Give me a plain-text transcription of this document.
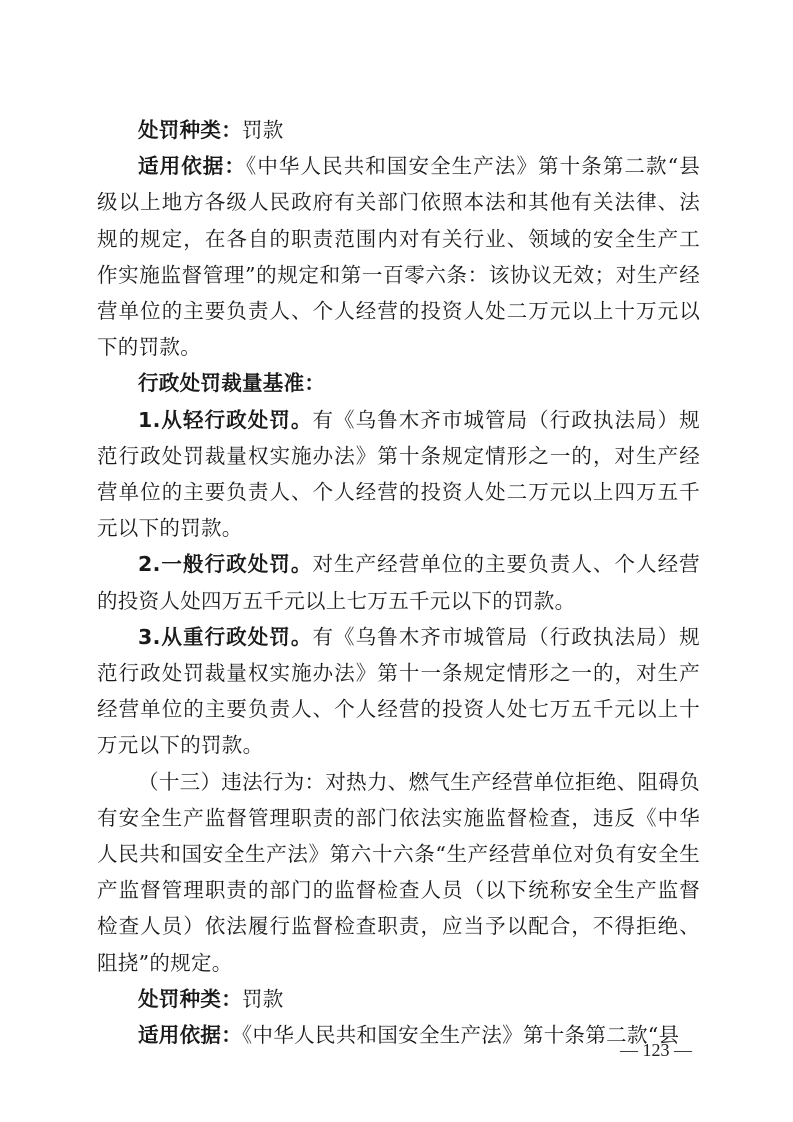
处罚种类：罚款

适用依据：《中华人民共和国安全生产法》第十条第二款“县级以上地方各级人民政府有关部门依照本法和其他有关法律、法规的规定，在各自的职责范围内对有关行业、领域的安全生产工作实施监督管理”的规定和第一百零六条：该协议无效；对生产经营单位的主要负责人、个人经营的投资人处二万元以上十万元以下的罚款。

行政处罚裁量基准：

1.从轻行政处罚。有《乌鲁木齐市城管局（行政执法局）规范行政处罚裁量权实施办法》第十条规定情形之一的，对生产经营单位的主要负责人、个人经营的投资人处二万元以上四万五千元以下的罚款。

2.一般行政处罚。对生产经营单位的主要负责人、个人经营的投资人处四万五千元以上七万五千元以下的罚款。

3.从重行政处罚。有《乌鲁木齐市城管局（行政执法局）规范行政处罚裁量权实施办法》第十一条规定情形之一的，对生产经营单位的主要负责人、个人经营的投资人处七万五千元以上十万元以下的罚款。

（十三）违法行为：对热力、燃气生产经营单位拒绝、阻碍负有安全生产监督管理职责的部门依法实施监督检查，违反《中华人民共和国安全生产法》第六十六条“生产经营单位对负有安全生产监督管理职责的部门的监督检查人员（以下统称安全生产监督检查人员）依法履行监督检查职责，应当予以配合，不得拒绝、阻挠”的规定。

处罚种类：罚款

适用依据：《中华人民共和国安全生产法》第十条第二款“县

— 123 —
